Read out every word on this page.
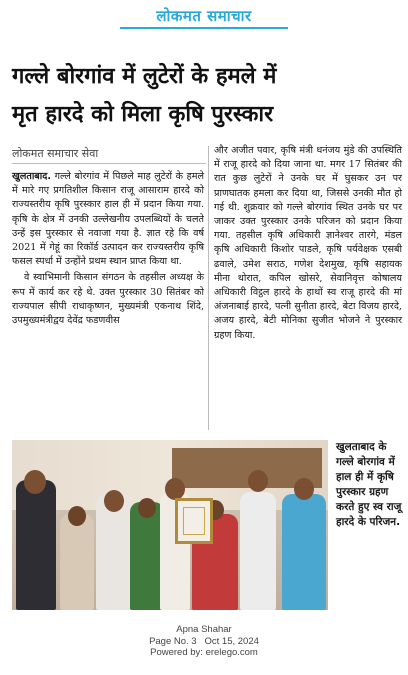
लोकमत समाचार
गल्ले बोरगांव में लुटेरों के हमले में
मृत हारदे को मिला कृषि पुरस्कार
लोकमत समाचार सेवा

खुलताबाद. गल्ले बोरगांव में पिछले माह लुटेरों के हमले में मारे गए प्रगतिशील किसान राजू आसाराम हारदे को राज्यस्तरीय कृषि पुरस्कार हाल ही में प्रदान किया गया. कृषि के क्षेत्र में उनकी उल्लेखनीय उपलब्धियों के चलते उन्हें इस पुरस्कार से नवाजा गया है. ज्ञात रहे कि वर्ष 2021 में गेहूं का रिकॉर्ड उत्पादन कर राज्यस्तरीय कृषि फसल स्पर्धा में उन्होंने प्रथम स्थान प्राप्त किया था.

वे स्वाभिमानी किसान संगठन के तहसील अध्यक्ष के रूप में कार्य कर रहे थे. उक्त पुरस्कार 30 सितंबर को राज्यपाल सीपी राधाकृष्णन, मुख्यमंत्री एकनाथ शिंदे, उपमुख्यमंत्रीद्वय देवेंद्र फडणवीस

और अजीत पवार, कृषि मंत्री धनंजय मुंडे की उपस्थिति में राजू हारदे को दिया जाना था. मगर 17 सितंबर की रात कुछ लुटेरों ने उनके घर में घुसकर उन पर प्राणघातक हमला कर दिया था, जिससे उनकी मौत हो गई थी. शुक्रवार को गल्ले बोरगांव स्थित उनके घर पर जाकर उक्त पुरस्कार उनके परिजन को प्रदान किया गया. तहसील कृषि अधिकारी ज्ञानेश्वर तारगे, मंडल कृषि अधिकारी किशोर पाडले, कृषि पर्यवेक्षक एसबी ढवाले, उमेश सराठ, गणेश देशमुख, कृषि सहायक मीना थोरात, कपिल खोसरे, सेवानिवृत्त कोषालय अधिकारी विट्ठल हारदे के हाथों स्व राजू हारदे की मां अंजनाबाई हारदे, पत्नी सुनीता हारदे, बेटा विजय हारदे, अजय हारदे, बेटी मोनिका सुजीत भोजने ने पुरस्कार ग्रहण किया.

खुलताबाद के गल्ले बोरगांव में हाल ही में कृषि पुरस्कार ग्रहण करते हुए स्व राजू हारदे के परिजन.
Apna Shahar
Page No. 3   Oct 15, 2024
Powered by: erelego.com
